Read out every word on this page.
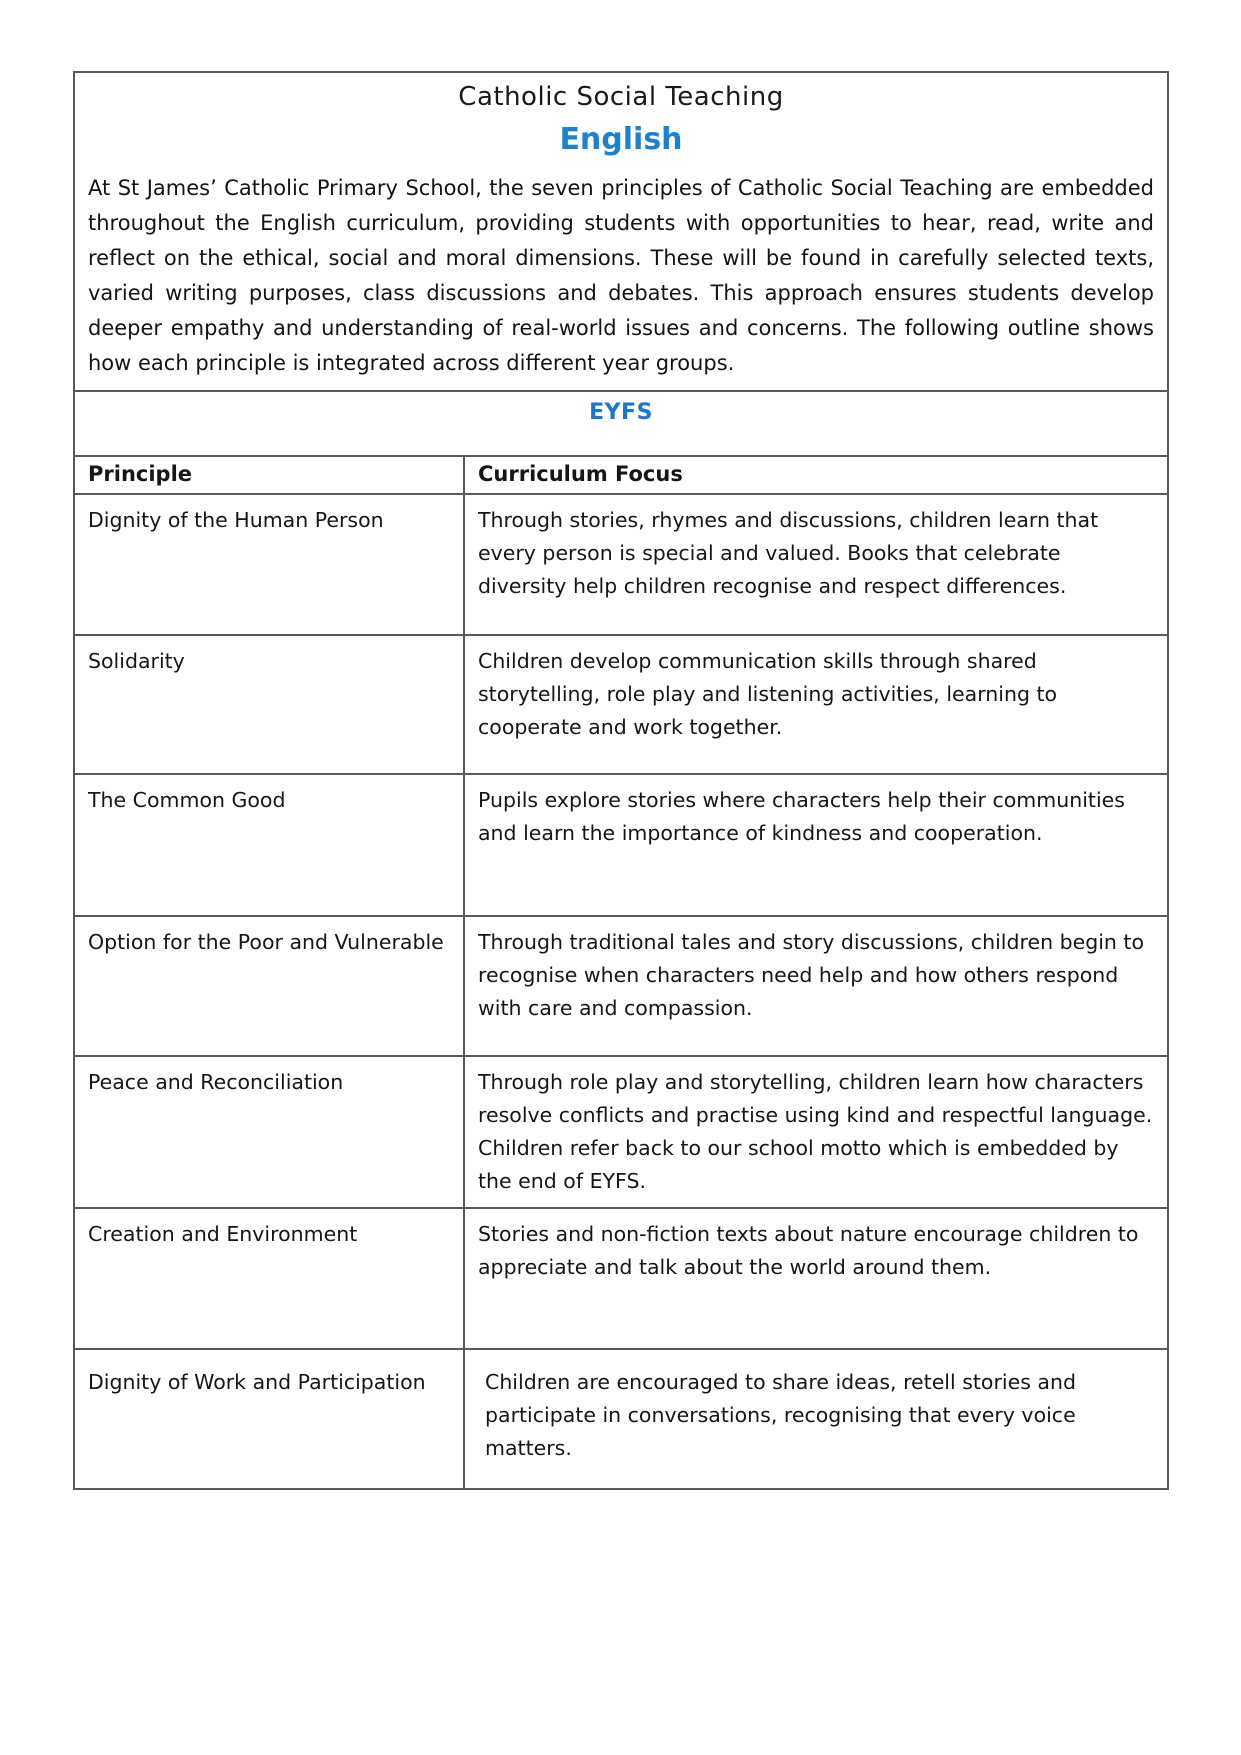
Catholic Social Teaching
English

At St James’ Catholic Primary School, the seven principles of Catholic Social Teaching are embedded throughout the English curriculum, providing students with opportunities to hear, read, write and reflect on the ethical, social and moral dimensions. These will be found in carefully selected texts, varied writing purposes, class discussions and debates. This approach ensures students develop deeper empathy and understanding of real-world issues and concerns. The following outline shows how each principle is integrated across different year groups.

EYFS	
Principle	Curriculum Focus
Dignity of the Human Person	Through stories, rhymes and discussions, children learn that every person is special and valued. Books that celebrate diversity help children recognise and respect differences.
Solidarity	Children develop communication skills through shared storytelling, role play and listening activities, learning to cooperate and work together.
The Common Good	Pupils explore stories where characters help their communities and learn the importance of kindness and cooperation.
Option for the Poor and Vulnerable	Through traditional tales and story discussions, children begin to recognise when characters need help and how others respond with care and compassion.
Peace and Reconciliation	Through role play and storytelling, children learn how characters resolve conflicts and practise using kind and respectful language. Children refer back to our school motto which is embedded by the end of EYFS.
Creation and Environment	Stories and non-fiction texts about nature encourage children to appreciate and talk about the world around them.
Dignity of Work and Participation	Children are encouraged to share ideas, retell stories and participate in conversations, recognising that every voice matters.
